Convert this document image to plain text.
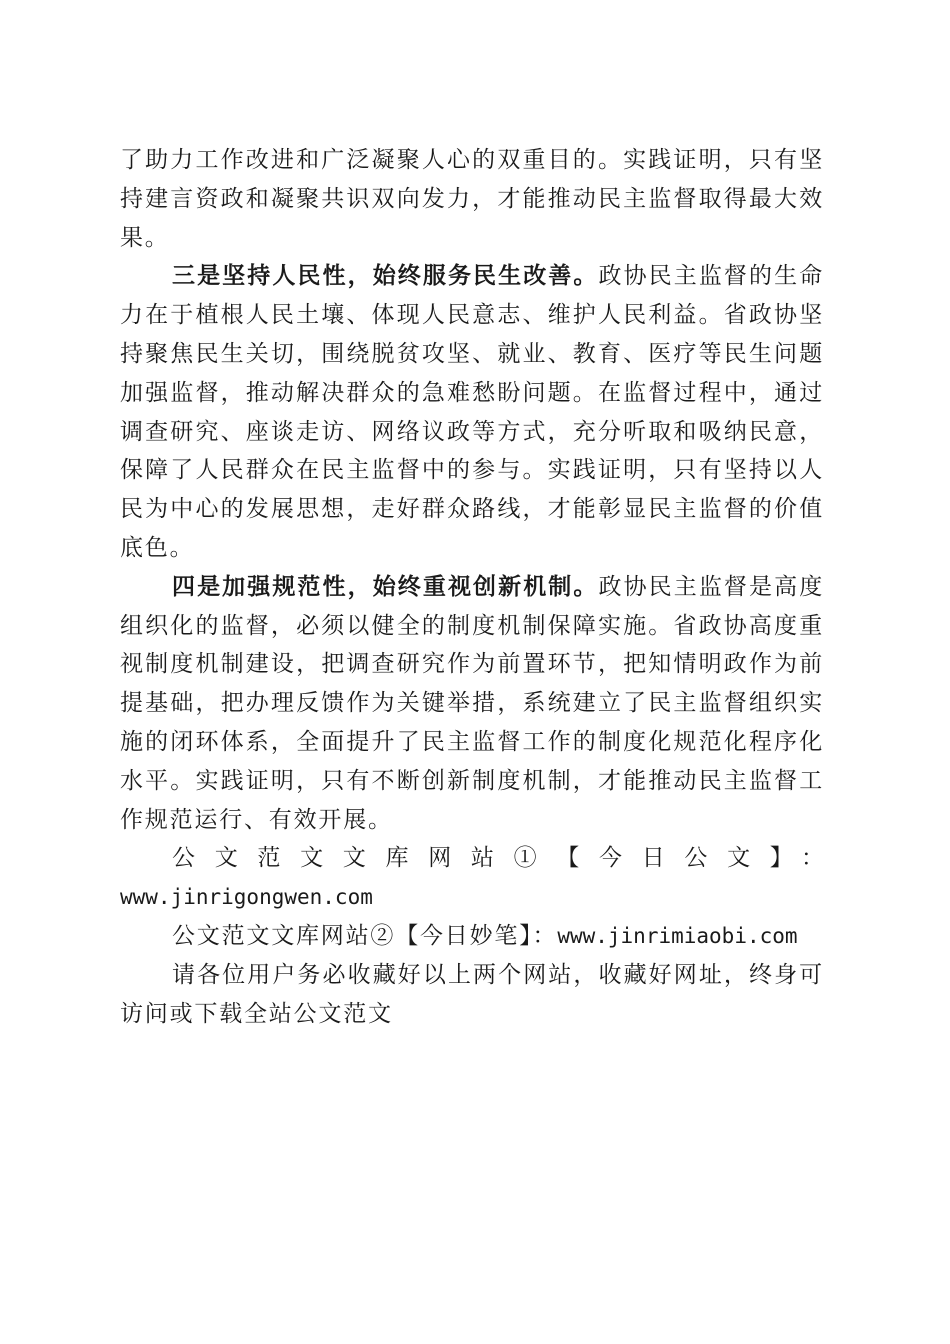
了助力工作改进和广泛凝聚人心的双重目的。实践证明，只有坚持建言资政和凝聚共识双向发力，才能推动民主监督取得最大效果。

三是坚持人民性，始终服务民生改善。政协民主监督的生命力在于植根人民土壤、体现人民意志、维护人民利益。省政协坚持聚焦民生关切，围绕脱贫攻坚、就业、教育、医疗等民生问题加强监督，推动解决群众的急难愁盼问题。在监督过程中，通过调查研究、座谈走访、网络议政等方式，充分听取和吸纳民意，保障了人民群众在民主监督中的参与。实践证明，只有坚持以人民为中心的发展思想，走好群众路线，才能彰显民主监督的价值底色。

四是加强规范性，始终重视创新机制。政协民主监督是高度组织化的监督，必须以健全的制度机制保障实施。省政协高度重视制度机制建设，把调查研究作为前置环节，把知情明政作为前提基础，把办理反馈作为关键举措，系统建立了民主监督组织实施的闭环体系，全面提升了民主监督工作的制度化规范化程序化水平。实践证明，只有不断创新制度机制，才能推动民主监督工作规范运行、有效开展。

公文范文文库网站①【今日公文】：

www.jinrigongwen.com

公文范文文库网站②【今日妙笔】：www.jinrimiaobi.com

请各位用户务必收藏好以上两个网站，收藏好网址，终身可访问或下载全站公文范文
